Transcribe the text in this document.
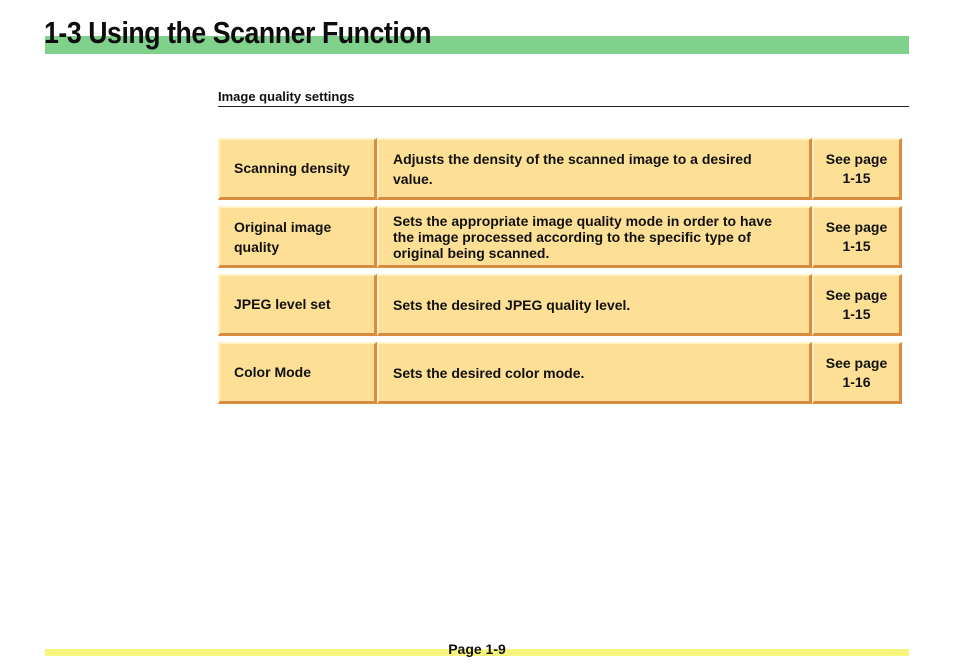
1-3 Using the Scanner Function
Image quality settings
Scanning density
Adjusts the density of the scanned image to a desired value.
See page
1-15
Original image quality
Sets the appropriate image quality mode in order to have the image processed according to the specific type of original being scanned.
See page
1-15
JPEG level set	Sets the desired JPEG quality level.
See page
1-15
Color Mode	Sets the desired color mode.
See page
1-16
Page 1-9
